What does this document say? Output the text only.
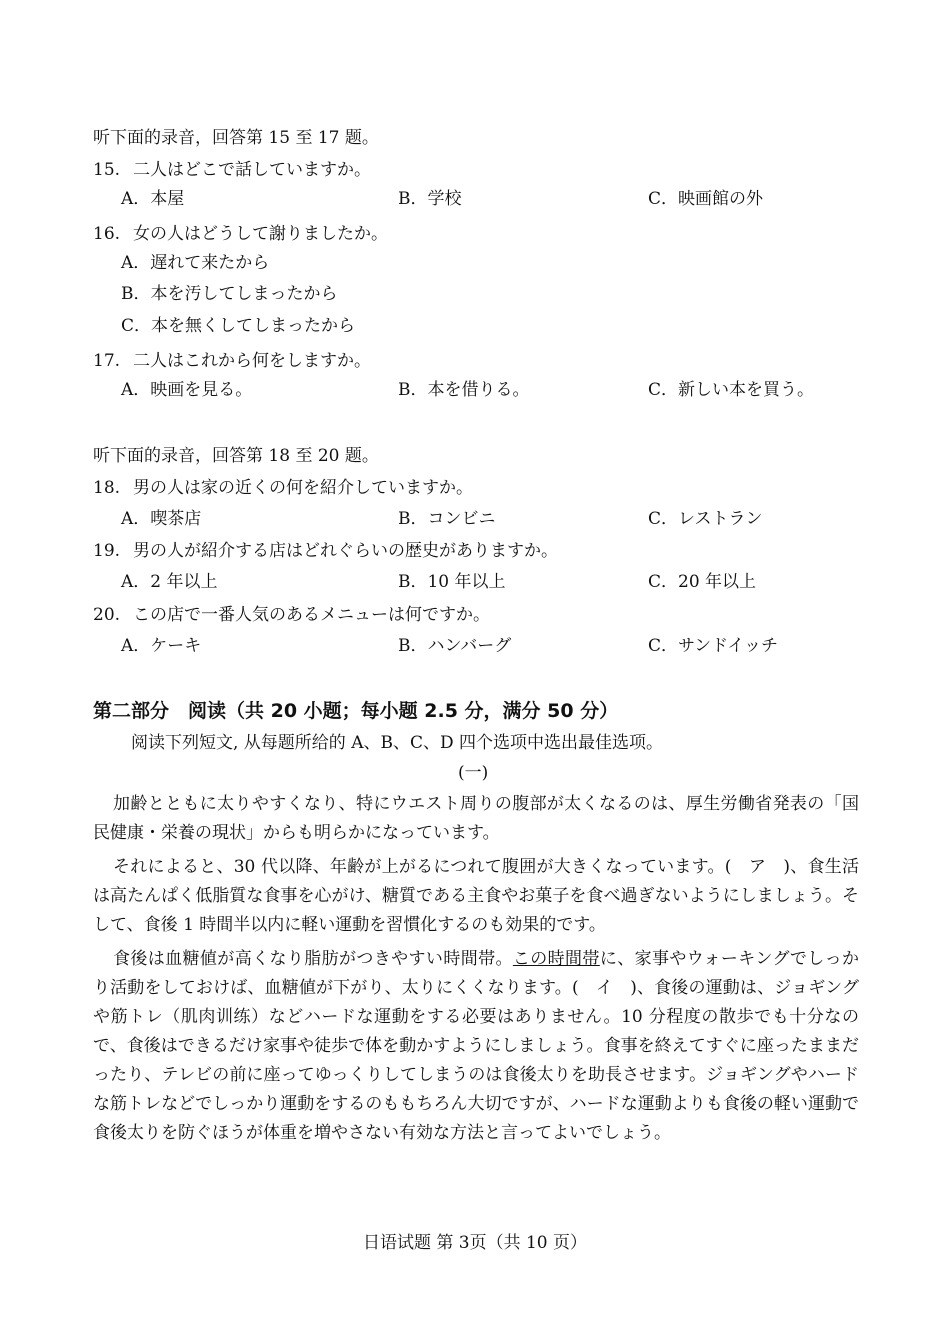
听下面的录音，回答第 15 至 17 题。
15. 二人はどこで話していますか。
A．本屋	B．学校	C．映画館の外
16. 女の人はどうして謝りましたか。
A．遅れて来たから
B．本を汚してしまったから
C．本を無くしてしまったから
17. 二人はこれから何をしますか。
A．映画を見る。	B．本を借りる。	C．新しい本を買う。
听下面的录音，回答第 18 至 20 题。
18. 男の人は家の近くの何を紹介していますか。
A．喫茶店	B．コンビニ	C．レストラン
19. 男の人が紹介する店はどれぐらいの歴史がありますか。
A．2 年以上	B．10 年以上	C．20 年以上
20. この店で一番人気のあるメニューは何ですか。
A．ケーキ	B．ハンバーグ	C．サンドイッチ
第二部分　阅读（共 20 小题；每小题 2.5 分，满分 50 分）
阅读下列短文, 从每题所给的 A、B、C、D 四个选项中选出最佳选项。
(一)
加齢とともに太りやすくなり、特にウエスト周りの腹部が太くなるのは、厚生労働省発表の「国民健康・栄養の現状」からも明らかになっています。
それによると、30 代以降、年齢が上がるにつれて腹囲が大きくなっています。(　ア　)、食生活は高たんぱく低脂質な食事を心がけ、糖質である主食やお菓子を食べ過ぎないようにしましょう。そして、食後 1 時間半以内に軽い運動を習慣化するのも効果的です。
食後は血糖値が高くなり脂肪がつきやすい時間帯。この時間帯に、家事やウォーキングでしっかり活動をしておけば、血糖値が下がり、太りにくくなります。(　イ　)、食後の運動は、ジョギングや筋トレ（肌肉训练）などハードな運動をする必要はありません。10 分程度の散歩でも十分なので、食後はできるだけ家事や徒歩で体を動かすようにしましょう。食事を終えてすぐに座ったままだったり、テレビの前に座ってゆっくりしてしまうのは食後太りを助長させます。ジョギングやハードな筋トレなどでしっかり運動をするのももちろん大切ですが、ハードな運動よりも食後の軽い運動で食後太りを防ぐほうが体重を増やさない有効な方法と言ってよいでしょう。
日语试题 第 3页（共 10 页）
